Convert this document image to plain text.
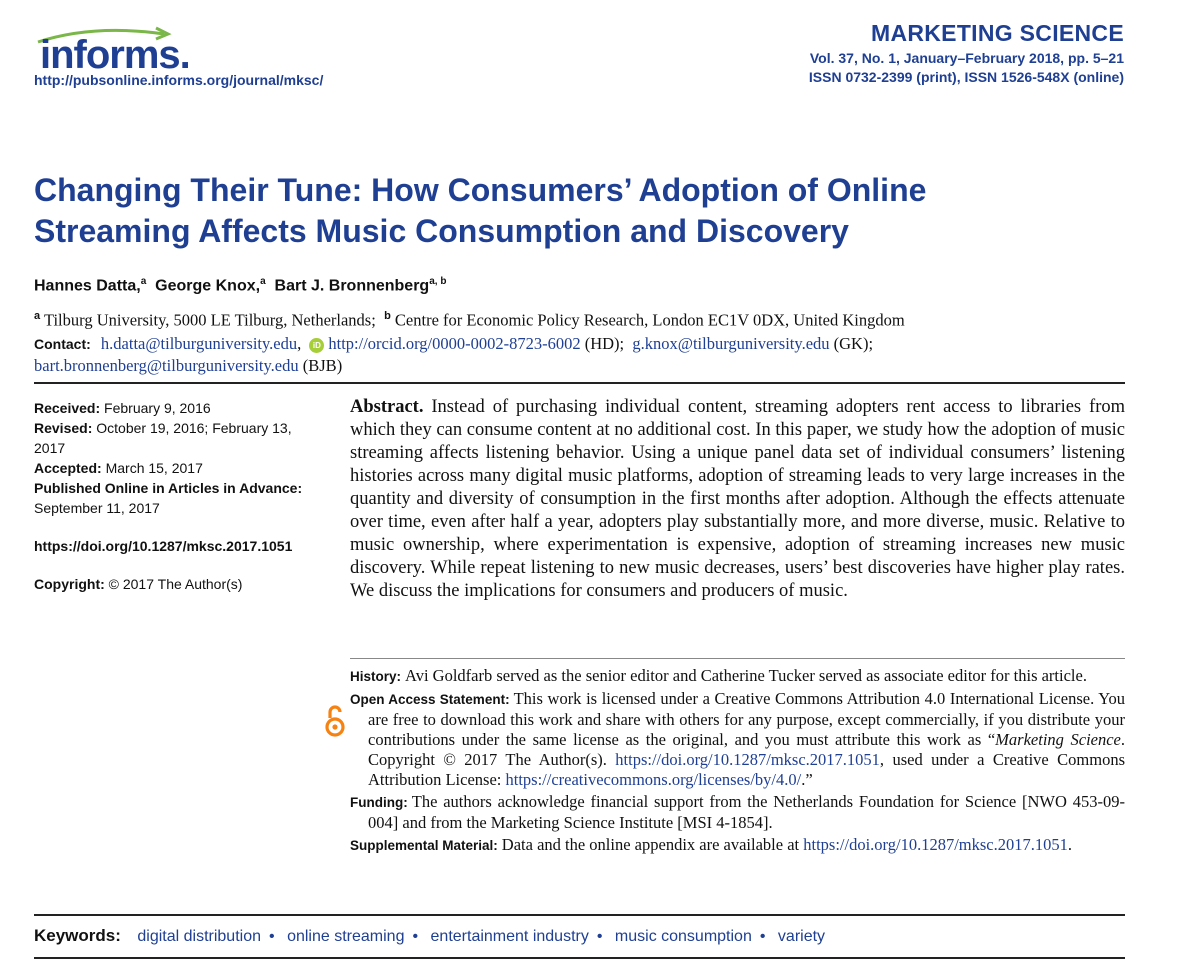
informs.
http://pubsonline.informs.org/journal/mksc/
MARKETING SCIENCE
Vol. 37, No. 1, January–February 2018, pp. 5–21
ISSN 0732-2399 (print), ISSN 1526-548X (online)
Changing Their Tune: How Consumers’ Adoption of Online
Streaming Affects Music Consumption and Discovery
Hannes Datta,$^a$ George Knox,$^a$ Bart J. Bronnenberg$^{a, b}$
$^a$ Tilburg University, 5000 LE Tilburg, Netherlands; $^b$ Centre for Economic Policy Research, London EC1V 0DX, United Kingdom
Contact: h.datta@tilburguniversity.edu, iD http://orcid.org/0000-0002-8723-6002 (HD); g.knox@tilburguniversity.edu (GK);
bart.bronnenberg@tilburguniversity.edu (BJB)
Received: February 9, 2016
Revised: October 19, 2016; February 13, 2017
Accepted: March 15, 2017
Published Online in Articles in Advance:
September 11, 2017
https://doi.org/10.1287/mksc.2017.1051
Copyright: © 2017 The Author(s)

Abstract. Instead of purchasing individual content, streaming adopters rent access to libraries from which they can consume content at no additional cost. In this paper, we study how the adoption of music streaming affects listening behavior. Using a unique panel data set of individual consumers’ listening histories across many digital music platforms, adoption of streaming leads to very large increases in the quantity and diversity of consumption in the first months after adoption. Although the effects attenuate over time, even after half a year, adopters play substantially more, and more diverse, music. Relative to music ownership, where experimentation is expensive, adoption of streaming increases new music discovery. While repeat listening to new music decreases, users’ best discoveries have higher play rates. We discuss the implications for consumers and producers of music.

History: Avi Goldfarb served as the senior editor and Catherine Tucker served as associate editor for this article.
Open Access Statement: This work is licensed under a Creative Commons Attribution 4.0 International License. You are free to download this work and share with others for any purpose, except commercially, if you distribute your contributions under the same license as the original, and you must attribute this work as “Marketing Science. Copyright © 2017 The Author(s). https://doi.org/10.1287/mksc.2017.1051, used under a Creative Commons Attribution License: https://creativecommons.org/licenses/by/4.0/.”
Funding: The authors acknowledge financial support from the Netherlands Foundation for Science [NWO 453-09-004] and from the Marketing Science Institute [MSI 4-1854].
Supplemental Material: Data and the online appendix are available at https://doi.org/10.1287/mksc.2017.1051.
Keywords: digital distribution • online streaming • entertainment industry • music consumption • variety
